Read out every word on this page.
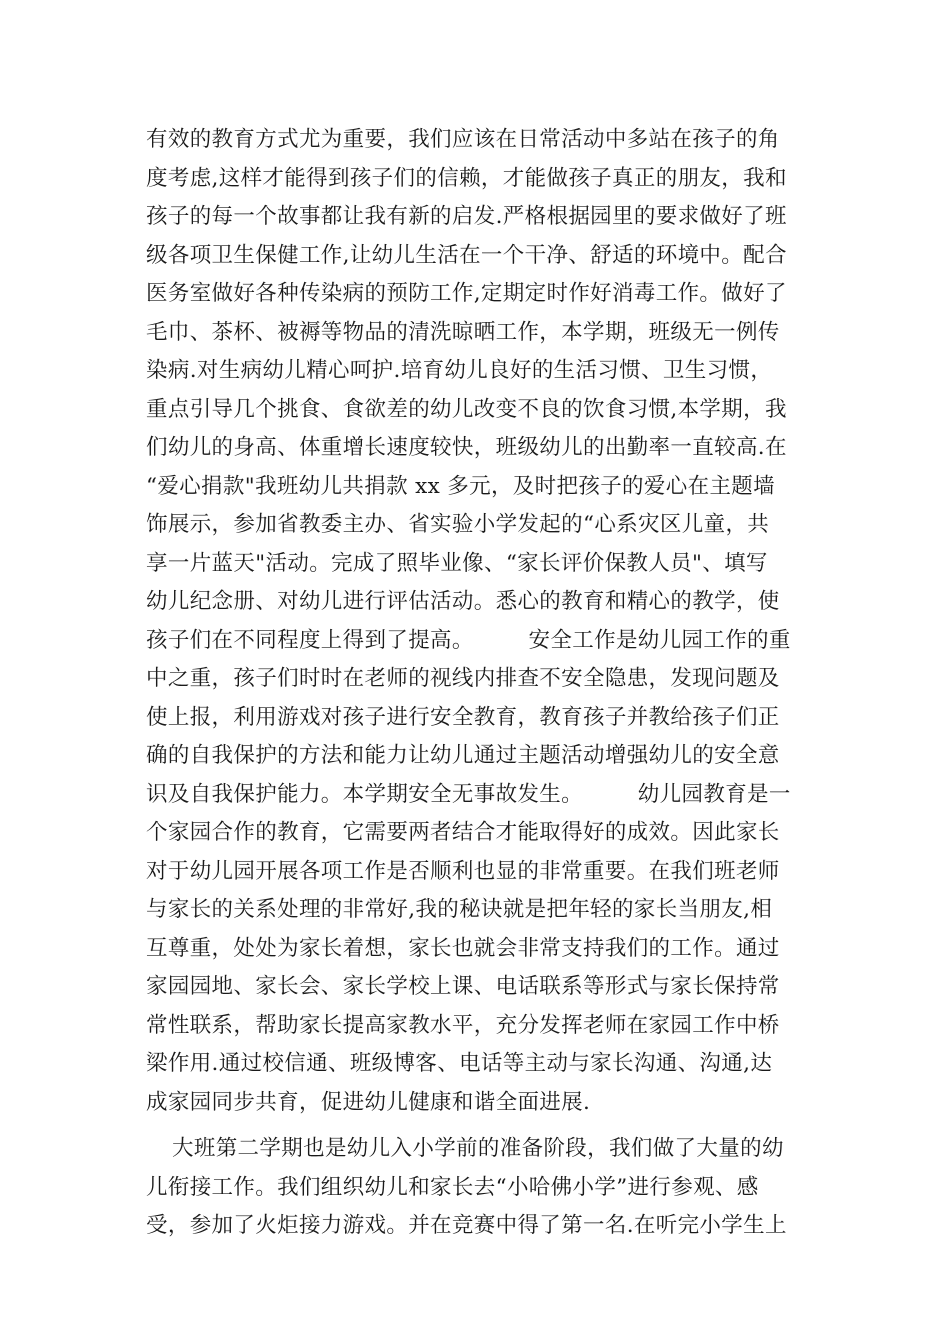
有效的教育方式尤为重要，我们应该在日常活动中多站在孩子的角
度考虑,这样才能得到孩子们的信赖，才能做孩子真正的朋友，我和
孩子的每一个故事都让我有新的启发.严格根据园里的要求做好了班
级各项卫生保健工作,让幼儿生活在一个干净、舒适的环境中。配合
医务室做好各种传染病的预防工作,定期定时作好消毒工作。做好了
毛巾、茶杯、被褥等物品的清洗晾晒工作，本学期，班级无一例传
染病.对生病幼儿精心呵护.培育幼儿良好的生活习惯、卫生习惯，
重点引导几个挑食、食欲差的幼儿改变不良的饮食习惯,本学期，我
们幼儿的身高、体重增长速度较快，班级幼儿的出勤率一直较高.在
“爱心捐款"我班幼儿共捐款 xx 多元，及时把孩子的爱心在主题墙
饰展示，参加省教委主办、省实验小学发起的“心系灾区儿童，共
享一片蓝天"活动。完成了照毕业像、“家长评价保教人员"、填写
幼儿纪念册、对幼儿进行评估活动。悉心的教育和精心的教学，使
孩子们在不同程度上得到了提高。　　　安全工作是幼儿园工作的重
中之重，孩子们时时在老师的视线内排查不安全隐患，发现问题及
使上报，利用游戏对孩子进行安全教育，教育孩子并教给孩子们正
确的自我保护的方法和能力让幼儿通过主题活动增强幼儿的安全意
识及自我保护能力。本学期安全无事故发生。　　　幼儿园教育是一
个家园合作的教育，它需要两者结合才能取得好的成效。因此家长
对于幼儿园开展各项工作是否顺利也显的非常重要。在我们班老师
与家长的关系处理的非常好,我的秘诀就是把年轻的家长当朋友,相
互尊重，处处为家长着想，家长也就会非常支持我们的工作。通过
家园园地、家长会、家长学校上课、电话联系等形式与家长保持常
常性联系，帮助家长提高家教水平，充分发挥老师在家园工作中桥
梁作用.通过校信通、班级博客、电话等主动与家长沟通、沟通,达
成家园同步共育，促进幼儿健康和谐全面进展.
大班第二学期也是幼儿入小学前的准备阶段，我们做了大量的幼
儿衔接工作。我们组织幼儿和家长去“小哈佛小学”进行参观、感
受，参加了火炬接力游戏。并在竞赛中得了第一名.在听完小学生上
